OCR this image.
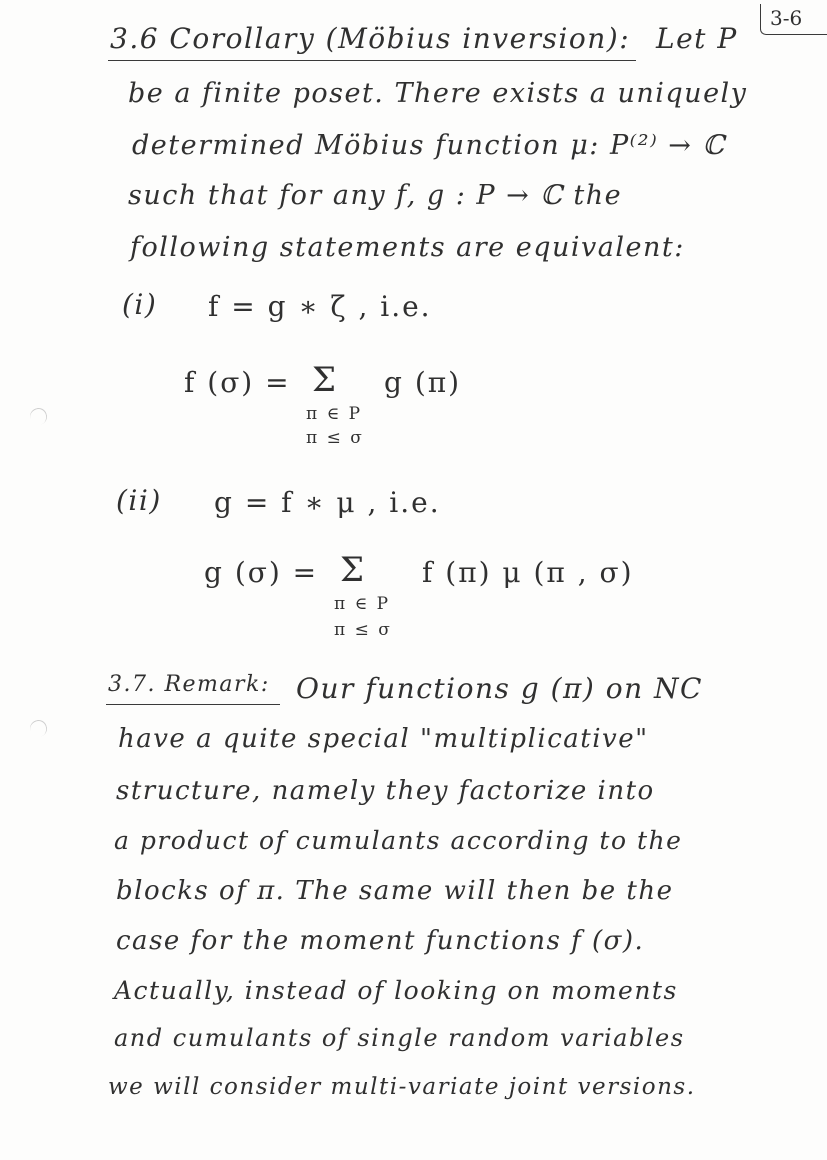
3-6
3.6 Corollary (Möbius inversion): Let P
be a finite poset. There exists a uniquely
determined Möbius function μ: P⁽²⁾ → ℂ
such that for any f, g : P → ℂ the
following statements are equivalent:
(i) f = g ∗ ζ , i.e.
f (σ) = Σ g (π)
π ∈ P
π ≤ σ
(ii) g = f ∗ μ , i.e.
g (σ) = Σ f (π) μ (π , σ)
π ∈ P
π ≤ σ
3.7. Remark: Our functions g (π) on NC
have a quite special "multiplicative"
structure, namely they factorize into
a product of cumulants according to the
blocks of π. The same will then be the
case for the moment functions f (σ).
Actually, instead of looking on moments
and cumulants of single random variables
we will consider multi-variate joint versions.
